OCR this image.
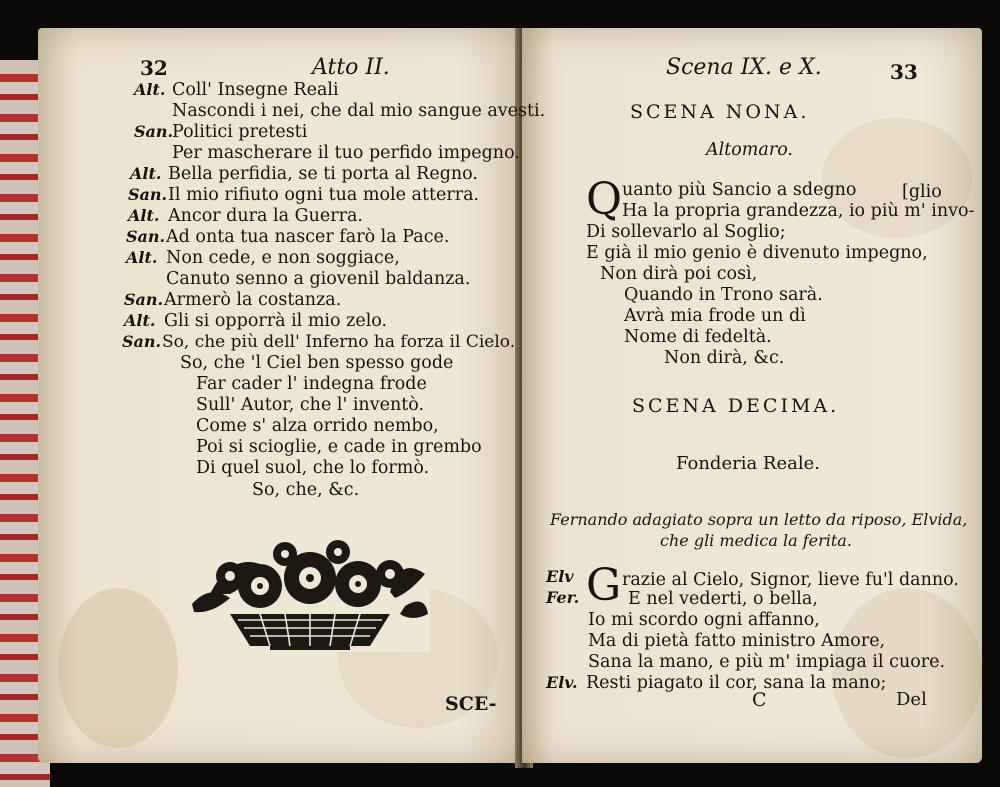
32	Atto II.
Alt. Coll' Insegne Reali
Nascondi i nei, che dal mio sangue avesti.
San.
Politici pretesti
Per mascherare il tuo perfido impegno.
Alt. Bella perfidia, se ti porta al Regno.
San. Il mio rifiuto ogni tua mole atterra.
Alt. Ancor dura la Guerra.
San. Ad onta tua nascer farò la Pace.
Alt. Non cede, e non soggiace,
Canuto senno a giovenil baldanza.
San. Armerò la costanza.
Alt. Gli si opporrà il mio zelo.
San. So, che più dell' Inferno ha forza il Cielo.
So, che 'l Ciel ben spesso gode
Far cader l' indegna frode
Sull' Autor, che l' inventò.
Come s' alza orrido nembo,
Poi si scioglie, e cade in grembo
Di quel suol, che lo formò.
So, che, &c.
SCE-
Scena IX. e X.	33
SCENA NONA.
Altomaro.
Q uanto più Sancio a sdegno	[glio
Ha la propria grandezza, io più m' invo-
Di sollevarlo al Soglio;
E già il mio genio è divenuto impegno,
Non dirà poi così,
Quando in Trono sarà.
Avrà mia frode un dì
Nome di fedeltà.
Non dirà, &c.
SCENA DECIMA.
Fonderia Reale.
Fernando adagiato sopra un letto da riposo, Elvida,
che gli medica la ferita.
Elv G razie al Cielo, Signor, lieve fu'l danno.
Fer.	E nel vederti, o bella,
Io mi scordo ogni affanno,
Ma di pietà fatto ministro Amore,
Sana la mano, e più m' impiaga il cuore.
Elv. Resti piagato il cor, sana la mano;
C	Del
